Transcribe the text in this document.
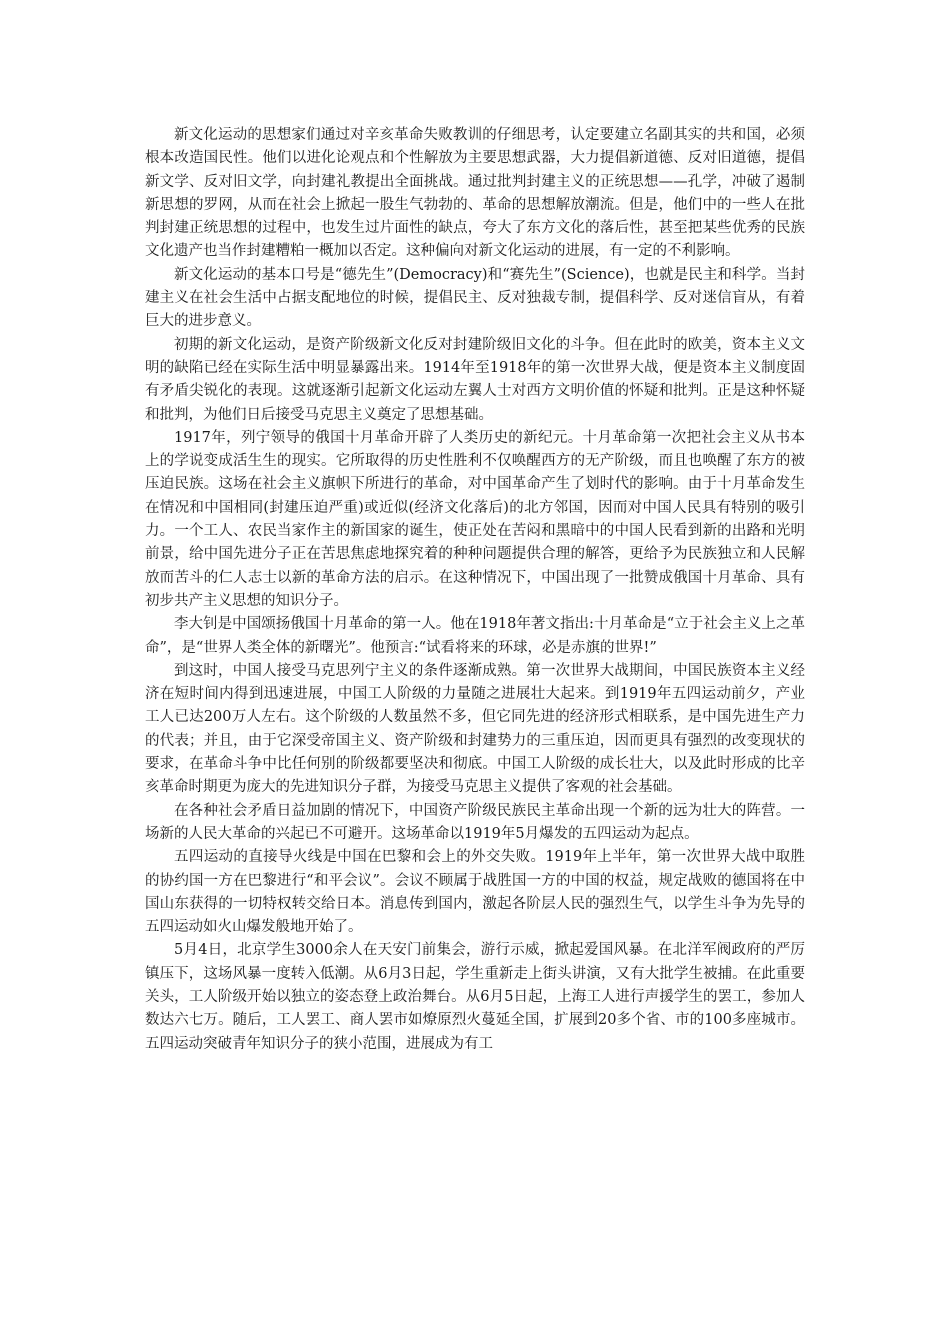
新文化运动的思想家们通过对辛亥革命失败教训的仔细思考，认定要建立名副其实的共和国，必须根本改造国民性。他们以进化论观点和个性解放为主要思想武器，大力提倡新道德、反对旧道德，提倡新文学、反对旧文学，向封建礼教提出全面挑战。通过批判封建主义的正统思想——孔学，冲破了遏制新思想的罗网，从而在社会上掀起一股生气勃勃的、革命的思想解放潮流。但是，他们中的一些人在批判封建正统思想的过程中，也发生过片面性的缺点，夸大了东方文化的落后性，甚至把某些优秀的民族文化遗产也当作封建糟粕一概加以否定。这种偏向对新文化运动的进展，有一定的不利影响。

新文化运动的基本口号是“德先生”(Democracy)和“赛先生”(Science)，也就是民主和科学。当封建主义在社会生活中占据支配地位的时候，提倡民主、反对独裁专制，提倡科学、反对迷信盲从，有着巨大的进步意义。

初期的新文化运动，是资产阶级新文化反对封建阶级旧文化的斗争。但在此时的欧美，资本主义文明的缺陷已经在实际生活中明显暴露出来。1914年至1918年的第一次世界大战，便是资本主义制度固有矛盾尖锐化的表现。这就逐渐引起新文化运动左翼人士对西方文明价值的怀疑和批判。正是这种怀疑和批判，为他们日后接受马克思主义奠定了思想基础。

1917年，列宁领导的俄国十月革命开辟了人类历史的新纪元。十月革命第一次把社会主义从书本上的学说变成活生生的现实。它所取得的历史性胜利不仅唤醒西方的无产阶级，而且也唤醒了东方的被压迫民族。这场在社会主义旗帜下所进行的革命，对中国革命产生了划时代的影响。由于十月革命发生在情况和中国相同(封建压迫严重)或近似(经济文化落后)的北方邻国，因而对中国人民具有特别的吸引力。一个工人、农民当家作主的新国家的诞生，使正处在苦闷和黑暗中的中国人民看到新的出路和光明前景，给中国先进分子正在苦思焦虑地探究着的种种问题提供合理的解答，更给予为民族独立和人民解放而苦斗的仁人志士以新的革命方法的启示。在这种情况下，中国出现了一批赞成俄国十月革命、具有初步共产主义思想的知识分子。

李大钊是中国颂扬俄国十月革命的第一人。他在1918年著文指出:十月革命是“立于社会主义上之革命”，是“世界人类全体的新曙光”。他预言:“试看将来的环球，必是赤旗的世界!”

到这时，中国人接受马克思列宁主义的条件逐渐成熟。第一次世界大战期间，中国民族资本主义经济在短时间内得到迅速进展，中国工人阶级的力量随之进展壮大起来。到1919年五四运动前夕，产业工人已达200万人左右。这个阶级的人数虽然不多，但它同先进的经济形式相联系，是中国先进生产力的代表；并且，由于它深受帝国主义、资产阶级和封建势力的三重压迫，因而更具有强烈的改变现状的要求，在革命斗争中比任何别的阶级都要坚决和彻底。中国工人阶级的成长壮大，以及此时形成的比辛亥革命时期更为庞大的先进知识分子群，为接受马克思主义提供了客观的社会基础。

在各种社会矛盾日益加剧的情况下，中国资产阶级民族民主革命出现一个新的远为壮大的阵营。一场新的人民大革命的兴起已不可避开。这场革命以1919年5月爆发的五四运动为起点。

五四运动的直接导火线是中国在巴黎和会上的外交失败。1919年上半年，第一次世界大战中取胜的协约国一方在巴黎进行“和平会议”。会议不顾属于战胜国一方的中国的权益，规定战败的德国将在中国山东获得的一切特权转交给日本。消息传到国内，激起各阶层人民的强烈生气，以学生斗争为先导的五四运动如火山爆发般地开始了。

5月4日，北京学生3000余人在天安门前集会，游行示威，掀起爱国风暴。在北洋军阀政府的严厉镇压下，这场风暴一度转入低潮。从6月3日起，学生重新走上街头讲演，又有大批学生被捕。在此重要关头，工人阶级开始以独立的姿态登上政治舞台。从6月5日起，上海工人进行声援学生的罢工，参加人数达六七万。随后，工人罢工、商人罢市如燎原烈火蔓延全国，扩展到20多个省、市的100多座城市。五四运动突破青年知识分子的狭小范围，进展成为有工
